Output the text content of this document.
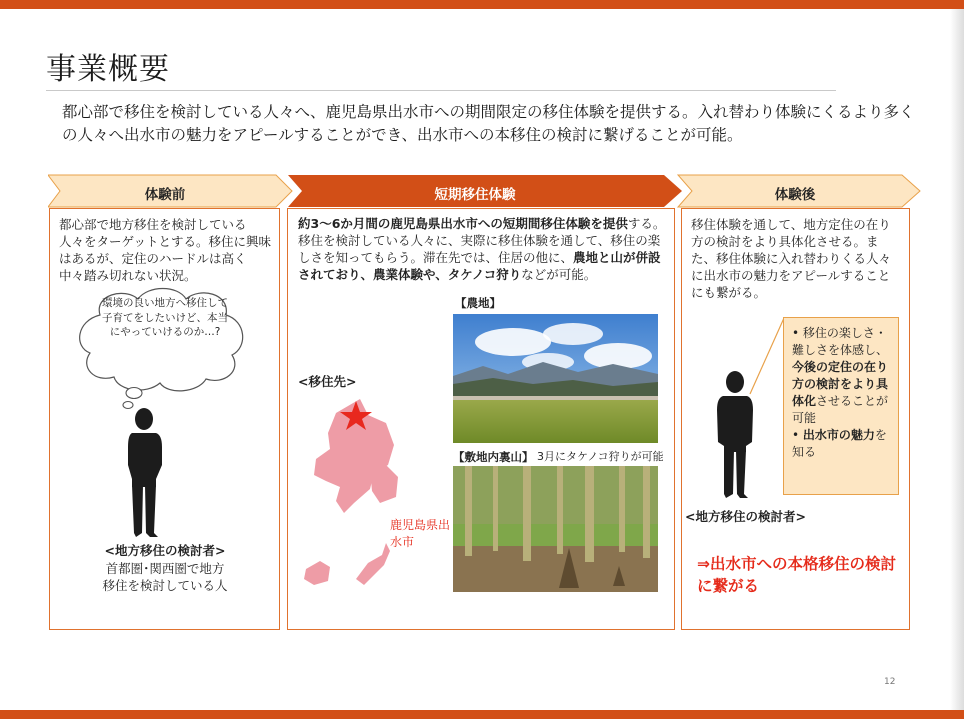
事業概要
都心部で移住を検討している人々へ、鹿児島県出水市への期間限定の移住体験を提供する。入れ替わり体験にくるより多くの人々へ出水市の魅力をアピールすることができ、出水市への本移住の検討に繋げることが可能。
体験前	短期移住体験	体験後
都心部で地方移住を検討している人々をターゲットとする。移住に興味はあるが、定住のハードルは高く中々踏み切れない状況。
環境の良い地方へ移住して子育てをしたいけど、本当にやっていけるのか…?
<地方移住の検討者>
首都圏･関西圏で地方
移住を検討している人
約3～6か月間の鹿児島県出水市への短期間移住体験を提供する。移住を検討している人々に、実際に移住体験を通して、移住の楽しさを知ってもらう。滞在先では、住居の他に、農地と山が併設されており、農業体験や、タケノコ狩りなどが可能。
【農地】
【敷地内裏山】 3月にタケノコ狩りが可能
<移住先>
鹿児島県出水市
移住体験を通して、地方定住の在り方の検討をより具体化させる。また、移住体験に入れ替わりくる人々に出水市の魅力をアピールすることにも繋がる。
• 移住の楽しさ・難しさを体感し、今後の定住の在り方の検討をより具体化させることが可能
• 出水市の魅力を知る
<地方移住の検討者>
⇒出水市への本格移住の検討に繋がる
12
